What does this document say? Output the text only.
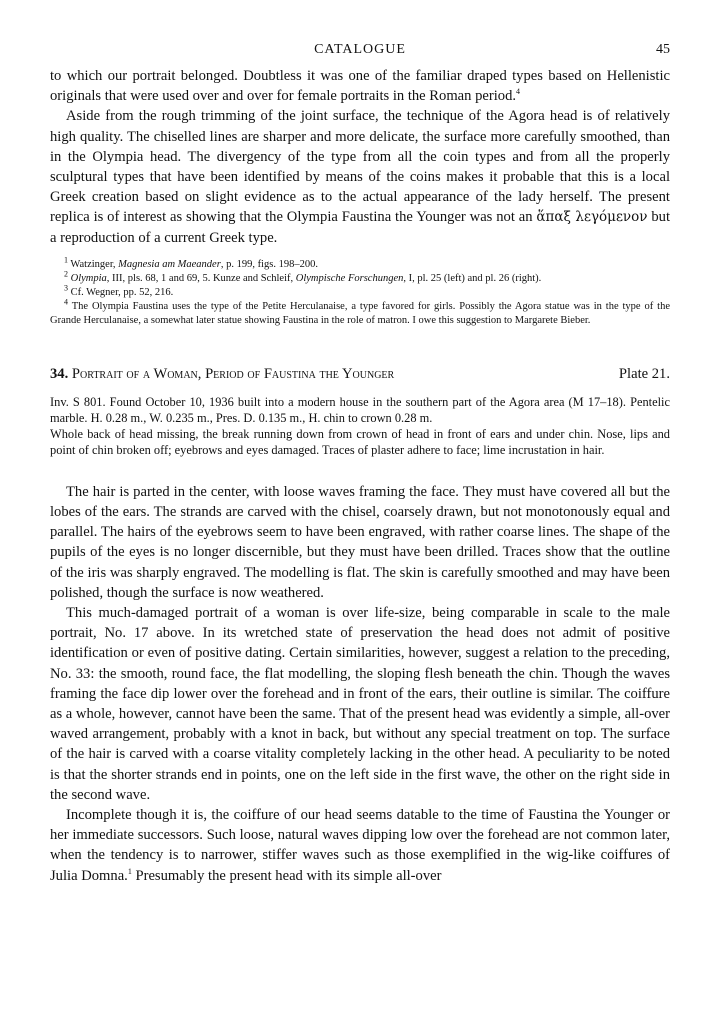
CATALOGUE	45

to which our portrait belonged. Doubtless it was one of the familiar draped types based on Hellenistic originals that were used over and over for female portraits in the Roman period.$^4$

Aside from the rough trimming of the joint surface, the technique of the Agora head is of relatively high quality. The chiselled lines are sharper and more delicate, the surface more carefully smoothed, than in the Olympia head. The divergency of the type from all the coin types and from all the properly sculptural types that have been identified by means of the coins makes it probable that this is a local Greek creation based on slight evidence as to the actual appearance of the lady herself. The present replica is of interest as showing that the Olympia Faustina the Younger was not an ἅπαξ λεγόμενον but a reproduction of a current Greek type.

$^1$ Watzinger, Magnesia am Maeander, p. 199, figs. 198–200.

$^2$ Olympia, III, pls. 68, 1 and 69, 5. Kunze and Schleif, Olympische Forschungen, I, pl. 25 (left) and pl. 26 (right).

$^3$ Cf. Wegner, pp. 52, 216.

$^4$ The Olympia Faustina uses the type of the Petite Herculanaise, a type favored for girls. Possibly the Agora statue was in the type of the Grande Herculanaise, a somewhat later statue showing Faustina in the role of matron. I owe this suggestion to Margarete Bieber.

34. Portrait of a Woman, Period of Faustina the Younger	Plate 21.

Inv. S 801. Found October 10, 1936 built into a modern house in the southern part of the Agora area (M 17–18). Pentelic marble. H. 0.28 m., W. 0.235 m., Pres. D. 0.135 m., H. chin to crown 0.28 m.

Whole back of head missing, the break running down from crown of head in front of ears and under chin. Nose, lips and point of chin broken off; eyebrows and eyes damaged. Traces of plaster adhere to face; lime incrustation in hair.

The hair is parted in the center, with loose waves framing the face. They must have covered all but the lobes of the ears. The strands are carved with the chisel, coarsely drawn, but not monotonously equal and parallel. The hairs of the eyebrows seem to have been engraved, with rather coarse lines. The shape of the pupils of the eyes is no longer discernible, but they must have been drilled. Traces show that the outline of the iris was sharply engraved. The modelling is flat. The skin is carefully smoothed and may have been polished, though the surface is now weathered.

This much-damaged portrait of a woman is over life-size, being comparable in scale to the male portrait, No. 17 above. In its wretched state of preservation the head does not admit of positive identification or even of positive dating. Certain similarities, however, suggest a relation to the preceding, No. 33: the smooth, round face, the flat modelling, the sloping flesh beneath the chin. Though the waves framing the face dip lower over the forehead and in front of the ears, their outline is similar. The coiffure as a whole, however, cannot have been the same. That of the present head was evidently a simple, all-over waved arrangement, probably with a knot in back, but without any special treatment on top. The surface of the hair is carved with a coarse vitality completely lacking in the other head. A peculiarity to be noted is that the shorter strands end in points, one on the left side in the first wave, the other on the right side in the second wave.

Incomplete though it is, the coiffure of our head seems datable to the time of Faustina the Younger or her immediate successors. Such loose, natural waves dipping low over the forehead are not common later, when the tendency is to narrower, stiffer waves such as those exemplified in the wig-like coiffures of Julia Domna.$^1$ Presumably the present head with its simple all-over
